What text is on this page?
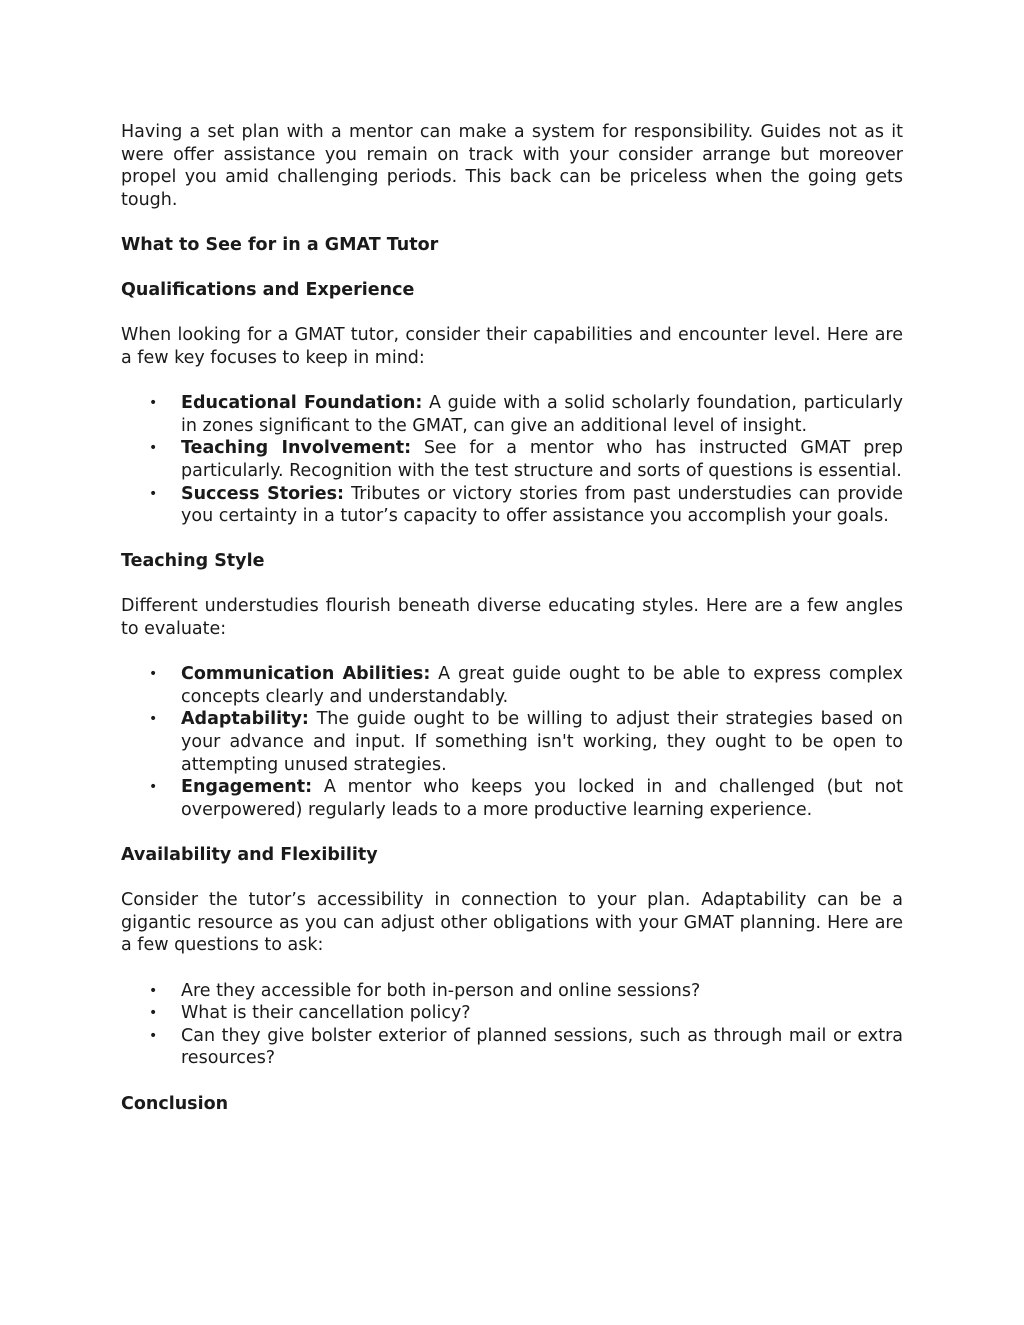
Having a set plan with a mentor can make a system for responsibility. Guides not as it were offer assistance you remain on track with your consider arrange but moreover propel you amid challenging periods. This back can be priceless when the going gets tough.

What to See for in a GMAT Tutor
Qualifications and Experience

When looking for a GMAT tutor, consider their capabilities and encounter level. Here are a few key focuses to keep in mind:

• Educational Foundation: A guide with a solid scholarly foundation, particularly in zones significant to the GMAT, can give an additional level of insight.
• Teaching Involvement: See for a mentor who has instructed GMAT prep particularly. Recognition with the test structure and sorts of questions is essential.
• Success Stories: Tributes or victory stories from past understudies can provide you certainty in a tutor’s capacity to offer assistance you accomplish your goals.
Teaching Style

Different understudies flourish beneath diverse educating styles. Here are a few angles to evaluate:

• Communication Abilities: A great guide ought to be able to express complex concepts clearly and understandably.
• Adaptability: The guide ought to be willing to adjust their strategies based on your advance and input. If something isn't working, they ought to be open to attempting unused strategies.
• Engagement: A mentor who keeps you locked in and challenged (but not overpowered) regularly leads to a more productive learning experience.
Availability and Flexibility

Consider the tutor’s accessibility in connection to your plan. Adaptability can be a gigantic resource as you can adjust other obligations with your GMAT planning. Here are a few questions to ask:

• Are they accessible for both in-person and online sessions?
• What is their cancellation policy?
• Can they give bolster exterior of planned sessions, such as through mail or extra resources?
Conclusion
